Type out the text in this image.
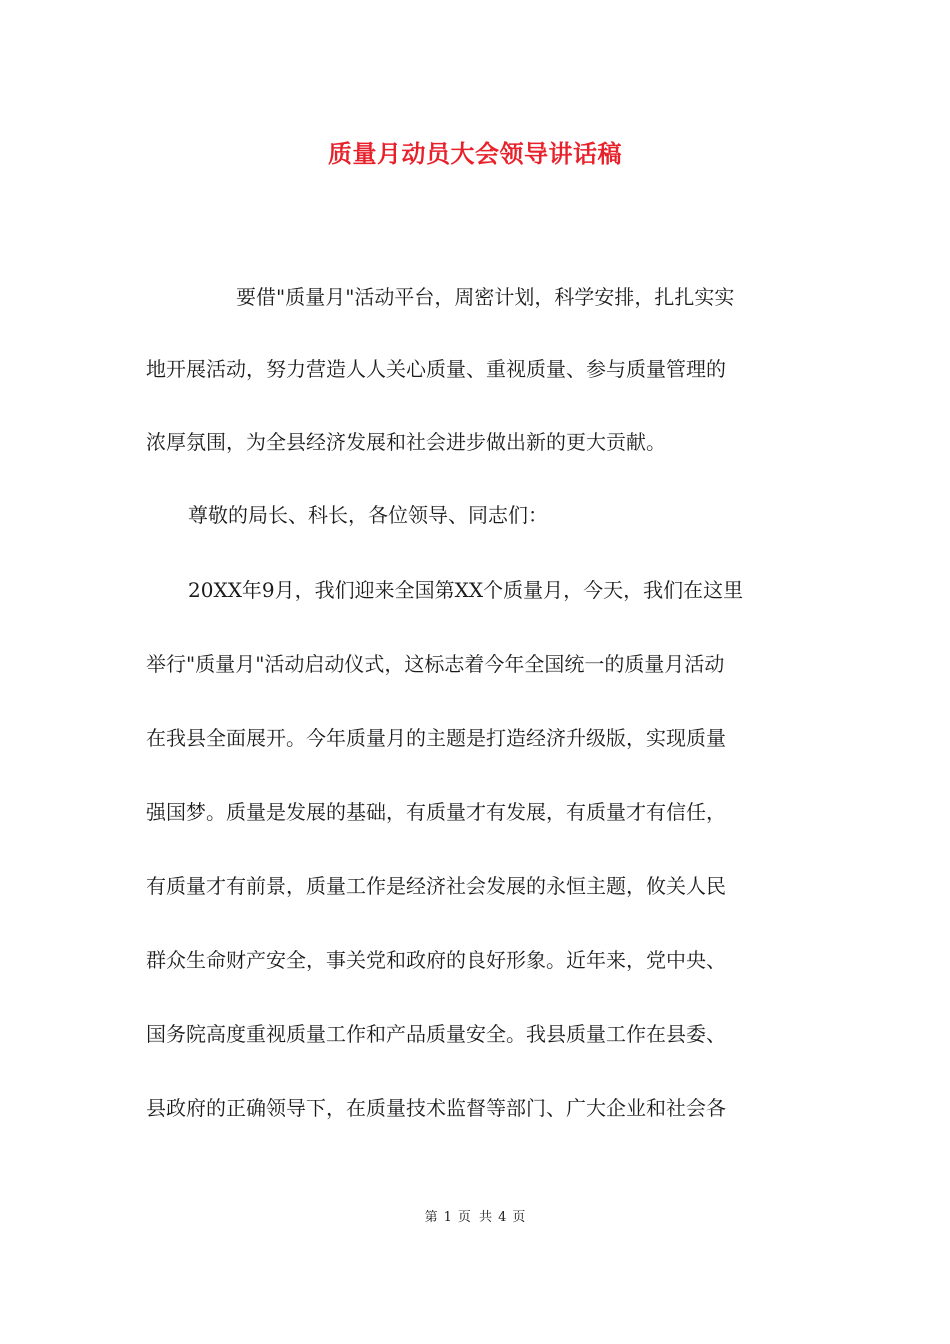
质量月动员大会领导讲话稿
要借"质量月"活动平台，周密计划，科学安排，扎扎实实
地开展活动，努力营造人人关心质量、重视质量、参与质量管理的
浓厚氛围，为全县经济发展和社会进步做出新的更大贡献。
尊敬的局长、科长，各位领导、同志们：
20XX年9月，我们迎来全国第XX个质量月，今天，我们在这里
举行"质量月"活动启动仪式，这标志着今年全国统一的质量月活动
在我县全面展开。今年质量月的主题是打造经济升级版，实现质量
强国梦。质量是发展的基础，有质量才有发展，有质量才有信任，
有质量才有前景，质量工作是经济社会发展的永恒主题，攸关人民
群众生命财产安全，事关党和政府的良好形象。近年来，党中央、
国务院高度重视质量工作和产品质量安全。我县质量工作在县委、
县政府的正确领导下，在质量技术监督等部门、广大企业和社会各
第 1 页 共 4 页
